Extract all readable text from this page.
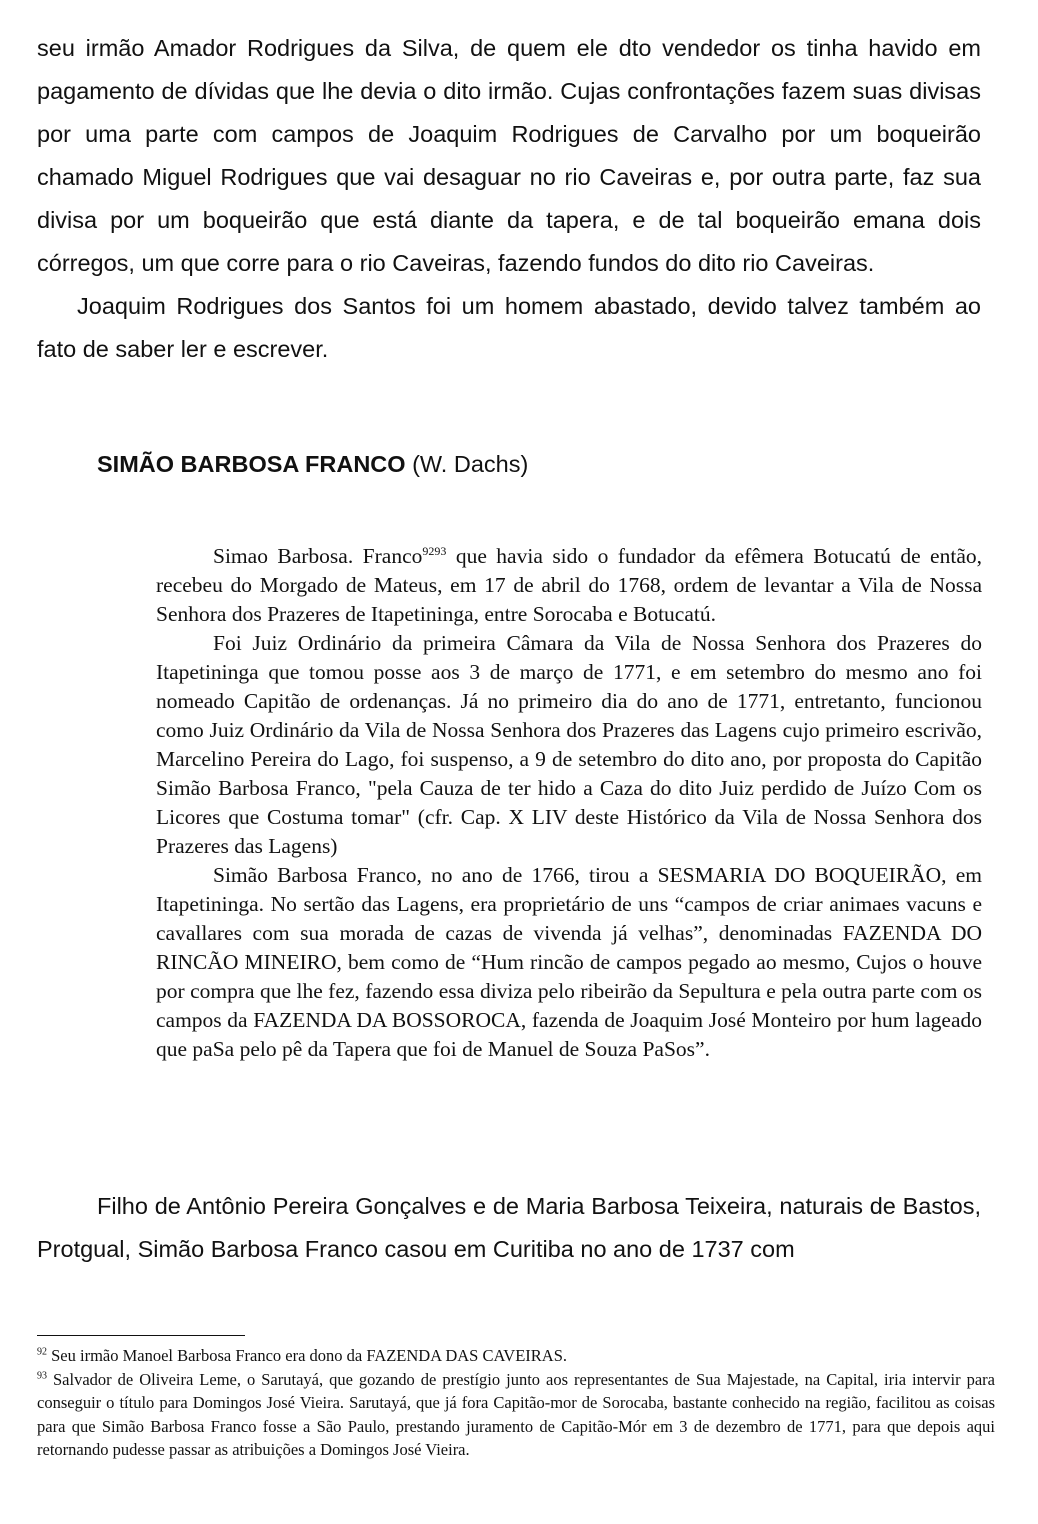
seu irmão Amador Rodrigues da Silva, de quem ele dto vendedor os tinha havido em pagamento de dívidas que lhe devia o dito irmão. Cujas confrontações fazem suas divisas por uma parte com campos de Joaquim Rodrigues de Carvalho por um boqueirão chamado Miguel Rodrigues que vai desaguar no rio Caveiras e, por outra parte, faz sua divisa por um boqueirão que está diante da tapera, e de tal boqueirão emana dois córregos, um que corre para o rio Caveiras, fazendo fundos do dito rio Caveiras.

Joaquim Rodrigues dos Santos foi um homem abastado, devido talvez também ao fato de saber ler e escrever.

SIMÃO BARBOSA FRANCO (W. Dachs)

Simao Barbosa. Franco$^{9293}$ que havia sido o fundador da efêmera Botucatú de então, recebeu do Morgado de Mateus, em 17 de abril do 1768, ordem de levantar a Vila de Nossa Senhora dos Prazeres de Itapetininga, entre Sorocaba e Botucatú.

Foi Juiz Ordinário da primeira Câmara da Vila de Nossa Senhora dos Prazeres do Itapetininga que tomou posse aos 3 de março de 1771, e em setembro do mesmo ano foi nomeado Capitão de ordenanças. Já no primeiro dia do ano de 1771, entretanto, funcionou como Juiz Ordinário da Vila de Nossa Senhora dos Prazeres das Lagens cujo primeiro escrivão, Marcelino Pereira do Lago, foi suspenso, a 9 de setembro do dito ano, por proposta do Capitão Simão Barbosa Franco, "pela Cauza de ter hido a Caza do dito Juiz perdido de Juízo Com os Licores que Costuma tomar" (cfr. Cap. X LIV deste Histórico da Vila de Nossa Senhora dos Prazeres das Lagens)

Simão Barbosa Franco, no ano de 1766, tirou a SESMARIA DO BOQUEIRÃO, em Itapetininga. No sertão das Lagens, era proprietário de uns “campos de criar animaes vacuns e cavallares com sua morada de cazas de vivenda já velhas”, denominadas FAZENDA DO RINCÃO MINEIRO, bem como de “Hum rincão de campos pegado ao mesmo, Cujos o houve por compra que lhe fez, fazendo essa diviza pelo ribeirão da Sepultura e pela outra parte com os campos da FAZENDA DA BOSSOROCA, fazenda de Joaquim José Monteiro por hum lageado que paSa pelo pê da Tapera que foi de Manuel de Souza PaSos”.

Filho de Antônio Pereira Gonçalves e de Maria Barbosa Teixeira, naturais de Bastos, Protgual, Simão Barbosa Franco casou em Curitiba no ano de 1737 com

$^{92}$ Seu irmão Manoel Barbosa Franco era dono da FAZENDA DAS CAVEIRAS.

$^{93}$ Salvador de Oliveira Leme, o Sarutayá, que gozando de prestígio junto aos representantes de Sua Majestade, na Capital, iria intervir para conseguir o título para Domingos José Vieira. Sarutayá, que já fora Capitão-mor de Sorocaba, bastante conhecido na região, facilitou as coisas para que Simão Barbosa Franco fosse a São Paulo, prestando juramento de Capitão-Mór em 3 de dezembro de 1771, para que depois aqui retornando pudesse passar as atribuições a Domingos José Vieira.
